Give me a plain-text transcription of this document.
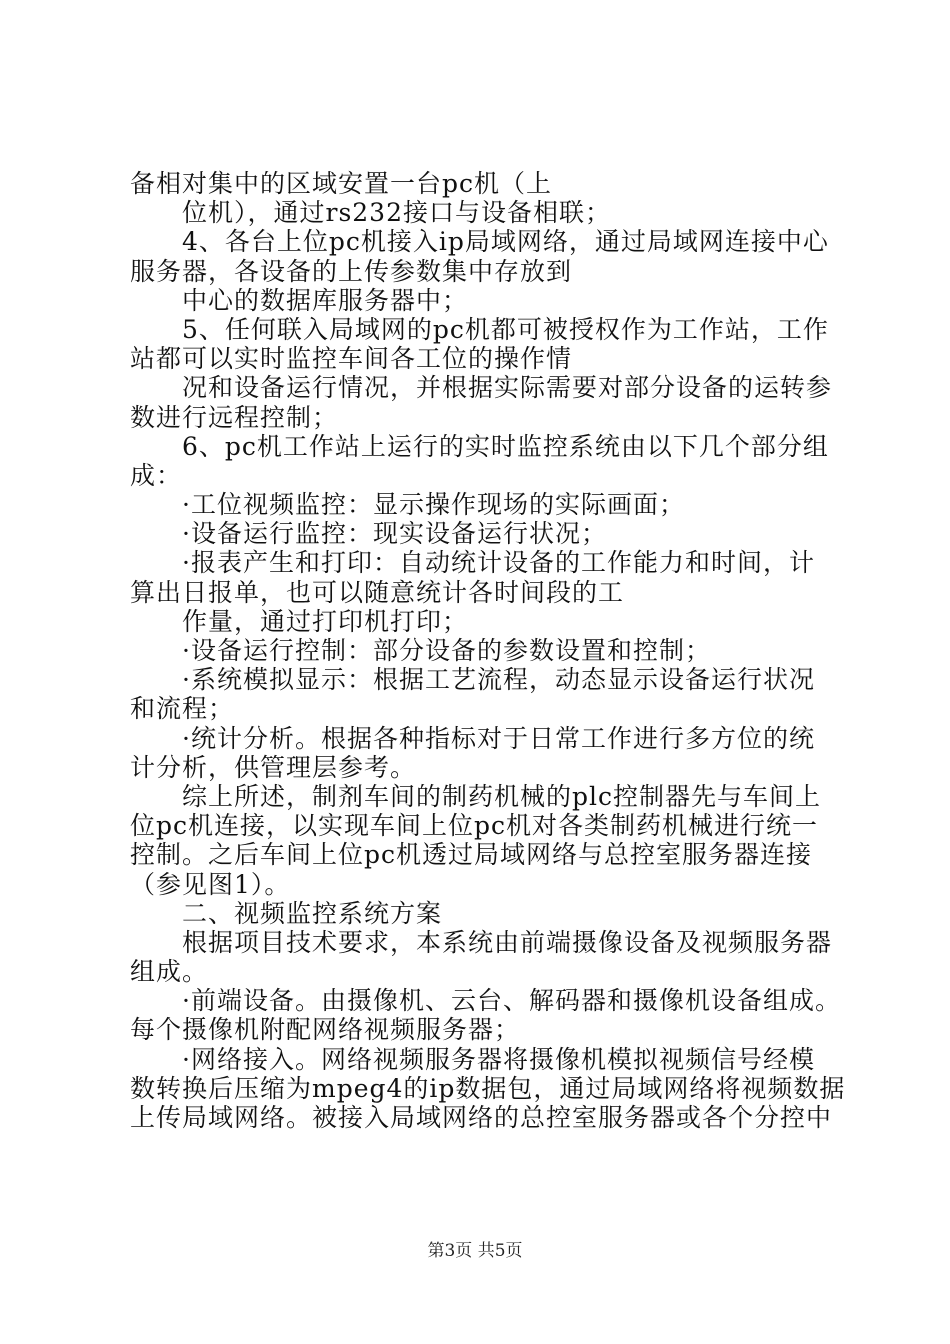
备相对集中的区域安置一台pc机（上
位机），通过rs232接口与设备相联；
4、各台上位pc机接入ip局域网络，通过局域网连接中心
服务器，各设备的上传参数集中存放到
中心的数据库服务器中；
5、任何联入局域网的pc机都可被授权作为工作站，工作
站都可以实时监控车间各工位的操作情
况和设备运行情况，并根据实际需要对部分设备的运转参
数进行远程控制；
6、pc机工作站上运行的实时监控系统由以下几个部分组
成：
·工位视频监控：显示操作现场的实际画面；
·设备运行监控：现实设备运行状况；
·报表产生和打印：自动统计设备的工作能力和时间，计
算出日报单，也可以随意统计各时间段的工
作量，通过打印机打印；
·设备运行控制：部分设备的参数设置和控制；
·系统模拟显示：根据工艺流程，动态显示设备运行状况
和流程；
·统计分析。根据各种指标对于日常工作进行多方位的统
计分析，供管理层参考。
综上所述，制剂车间的制药机械的plc控制器先与车间上
位pc机连接，以实现车间上位pc机对各类制药机械进行统一
控制。之后车间上位pc机透过局域网络与总控室服务器连接
（参见图1）。
二、视频监控系统方案
根据项目技术要求，本系统由前端摄像设备及视频服务器
组成。
·前端设备。由摄像机、云台、解码器和摄像机设备组成。
每个摄像机附配网络视频服务器；
·网络接入。网络视频服务器将摄像机模拟视频信号经模
数转换后压缩为mpeg4的ip数据包，通过局域网络将视频数据
上传局域网络。被接入局域网络的总控室服务器或各个分控中
第3页 共5页
